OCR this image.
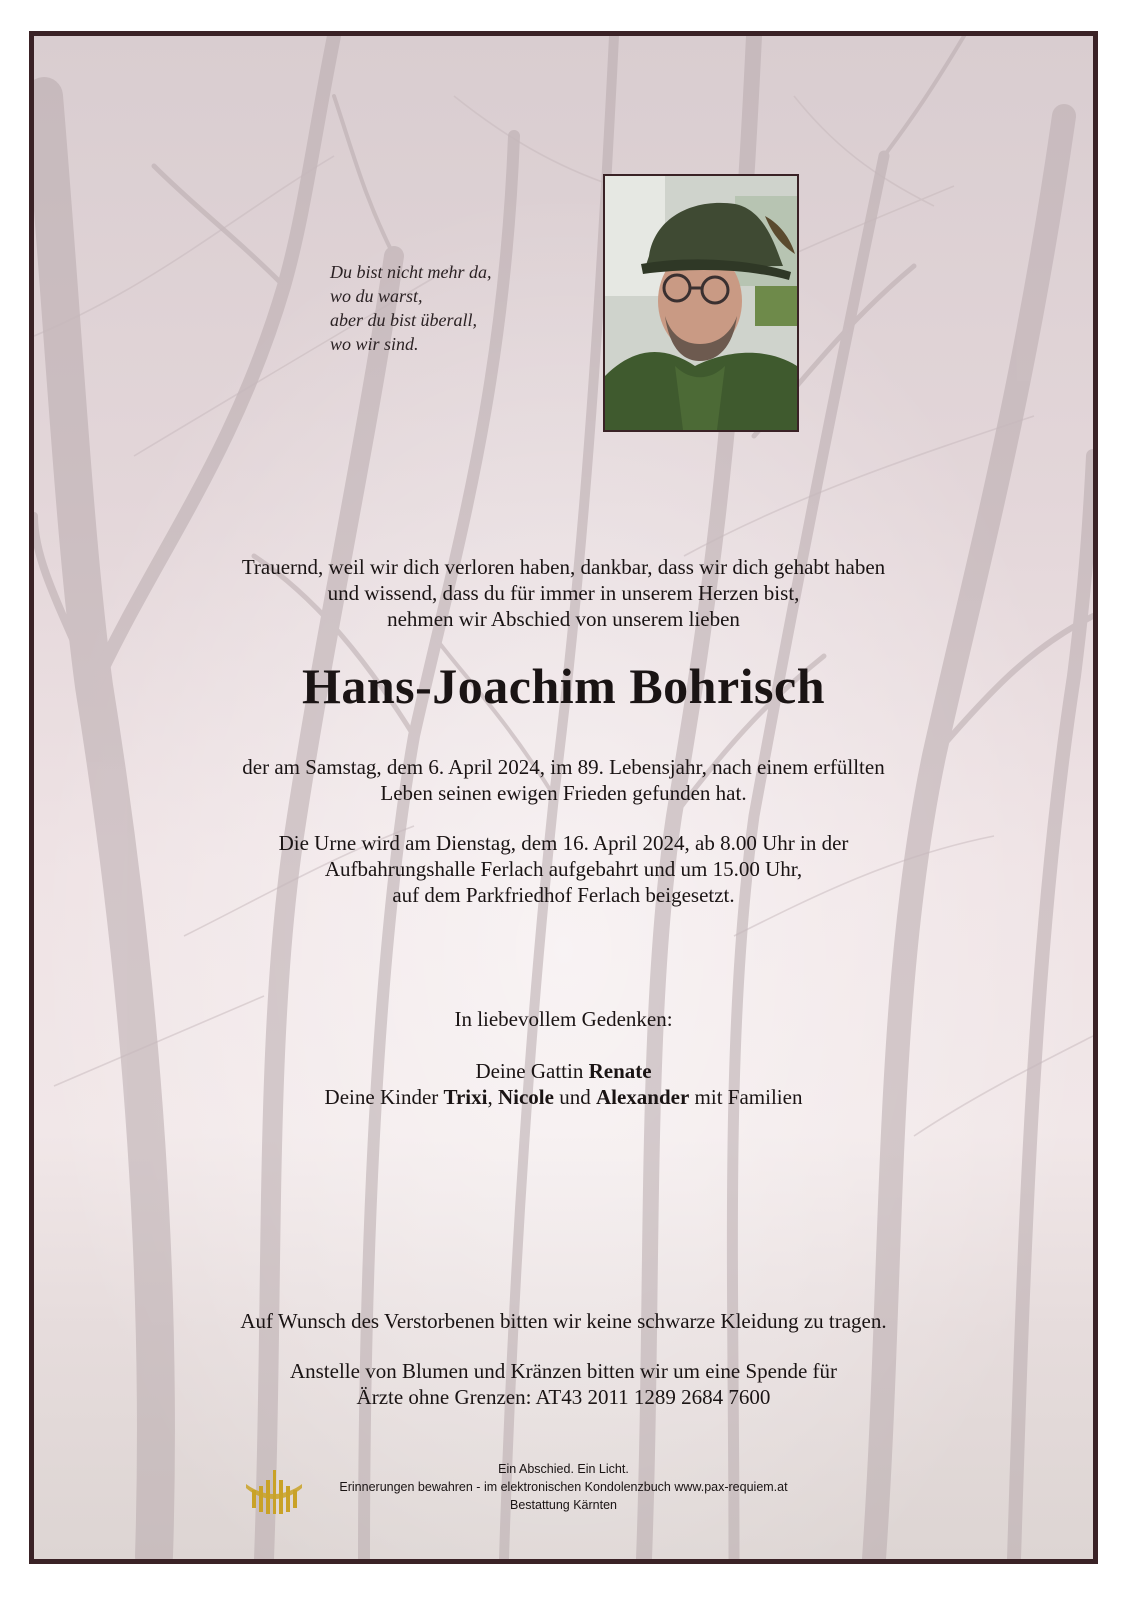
Du bist nicht mehr da,
wo du warst,
aber du bist überall,
wo wir sind.
Trauernd, weil wir dich verloren haben, dankbar, dass wir dich gehabt haben
und wissend, dass du für immer in unserem Herzen bist,
nehmen wir Abschied von unserem lieben
Hans-Joachim Bohrisch
der am Samstag, dem 6. April 2024, im 89. Lebensjahr, nach einem erfüllten
Leben seinen ewigen Frieden gefunden hat.
Die Urne wird am Dienstag, dem 16. April 2024, ab 8.00 Uhr in der
Aufbahrungshalle Ferlach aufgebahrt und um 15.00 Uhr,
auf dem Parkfriedhof Ferlach beigesetzt.
In liebevollem Gedenken:
Deine Gattin Renate
Deine Kinder Trixi, Nicole und Alexander mit Familien
Auf Wunsch des Verstorbenen bitten wir keine schwarze Kleidung zu tragen.
Anstelle von Blumen und Kränzen bitten wir um eine Spende für
Ärzte ohne Grenzen: AT43 2011 1289 2684 7600
Ein Abschied. Ein Licht.
Erinnerungen bewahren - im elektronischen Kondolenzbuch www.pax-requiem.at
Bestattung Kärnten
